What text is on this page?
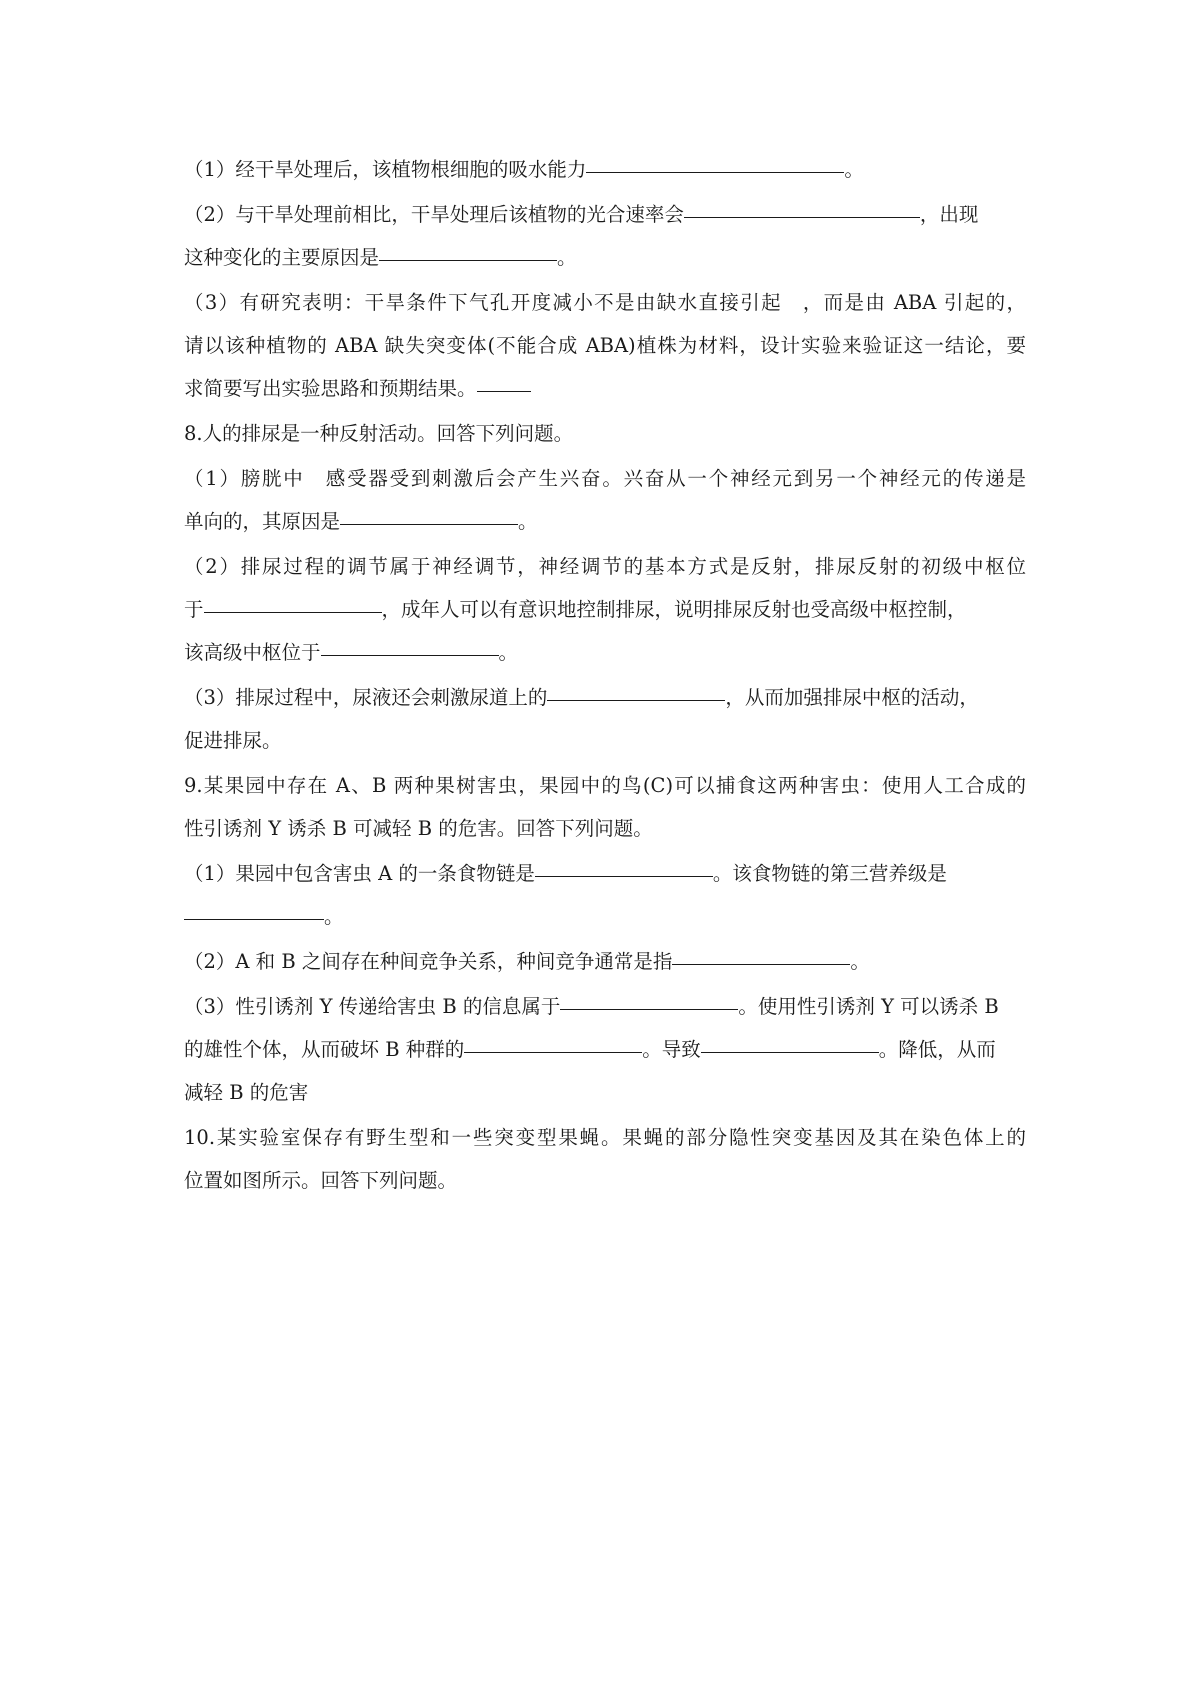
（1）经干旱处理后，该植物根细胞的吸水能力	。
（2）与干旱处理前相比，干旱处理后该植物的光合速率会	，出现
这种变化的主要原因是	。
（3）有研究表明：干旱条件下气孔开度减小不是由缺水直接引起　，而是由 ABA 引起的，
请以该种植物的 ABA 缺失突变体(不能合成 ABA)植株为材料，设计实验来验证这一结论，要
求简要写出实验思路和预期结果。
8.人的排尿是一种反射活动。回答下列问题。
（1）膀胱中　感受器受到刺激后会产生兴奋。兴奋从一个神经元到另一个神经元的传递是
单向的，其原因是	。
（2）排尿过程的调节属于神经调节，神经调节的基本方式是反射，排尿反射的初级中枢位
于	，成年人可以有意识地控制排尿，说明排尿反射也受高级中枢控制，
该高级中枢位于	。
（3）排尿过程中，尿液还会刺激尿道上的	，从而加强排尿中枢的活动，
促进排尿。
9.某果园中存在 A、B 两种果树害虫，果园中的鸟(C)可以捕食这两种害虫：使用人工合成的
性引诱剂 Y 诱杀 B 可减轻 B 的危害。回答下列问题。
（1）果园中包含害虫 A 的一条食物链是	。该食物链的第三营养级是
。
（2）A 和 B 之间存在种间竞争关系，种间竞争通常是指	。
（3）性引诱剂 Y 传递给害虫 B 的信息属于	。使用性引诱剂 Y 可以诱杀 B
的雄性个体，从而破坏 B 种群的	。导致	。降低，从而
减轻 B 的危害
10.某实验室保存有野生型和一些突变型果蝇。果蝇的部分隐性突变基因及其在染色体上的
位置如图所示。回答下列问题。
